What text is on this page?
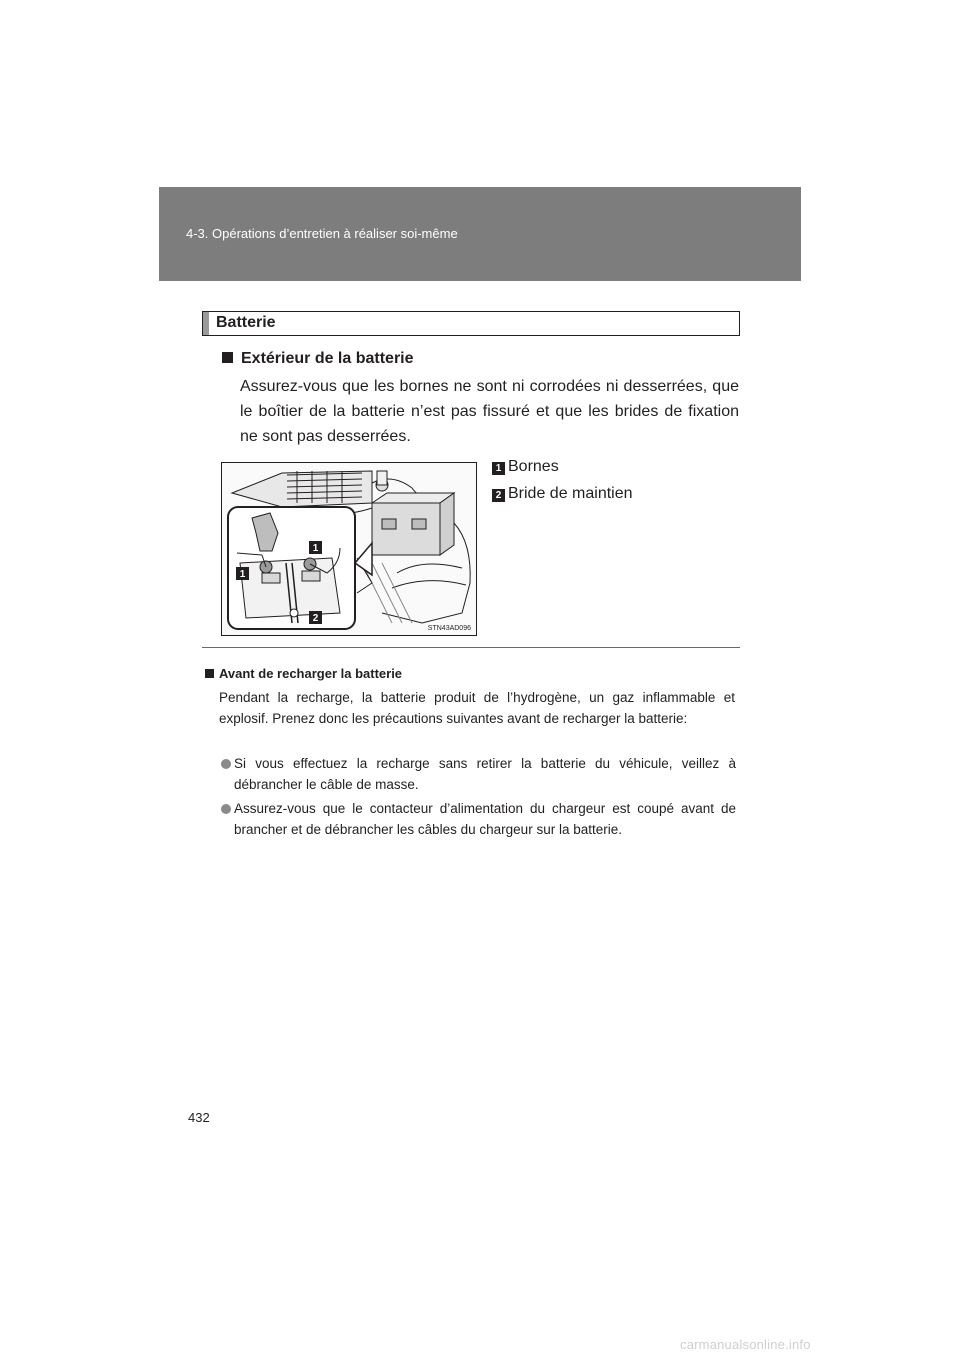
4-3. Opérations d’entretien à réaliser soi-même
Batterie
Extérieur de la batterie
Assurez-vous que les bornes ne sont ni corrodées ni desserrées, que le boîtier de la batterie n’est pas fissuré et que les brides de fixation ne sont pas desserrées.
1
1
2
STN43AD096
1 Bornes
2 Bride de maintien
Avant de recharger la batterie
Pendant la recharge, la batterie produit de l’hydrogène, un gaz inflammable et explosif. Prenez donc les précautions suivantes avant de recharger la batterie:
Si vous effectuez la recharge sans retirer la batterie du véhicule, veillez à débrancher le câble de masse.
Assurez-vous que le contacteur d’alimentation du chargeur est coupé avant de brancher et de débrancher les câbles du chargeur sur la batterie.
432
carmanualsonline.info
